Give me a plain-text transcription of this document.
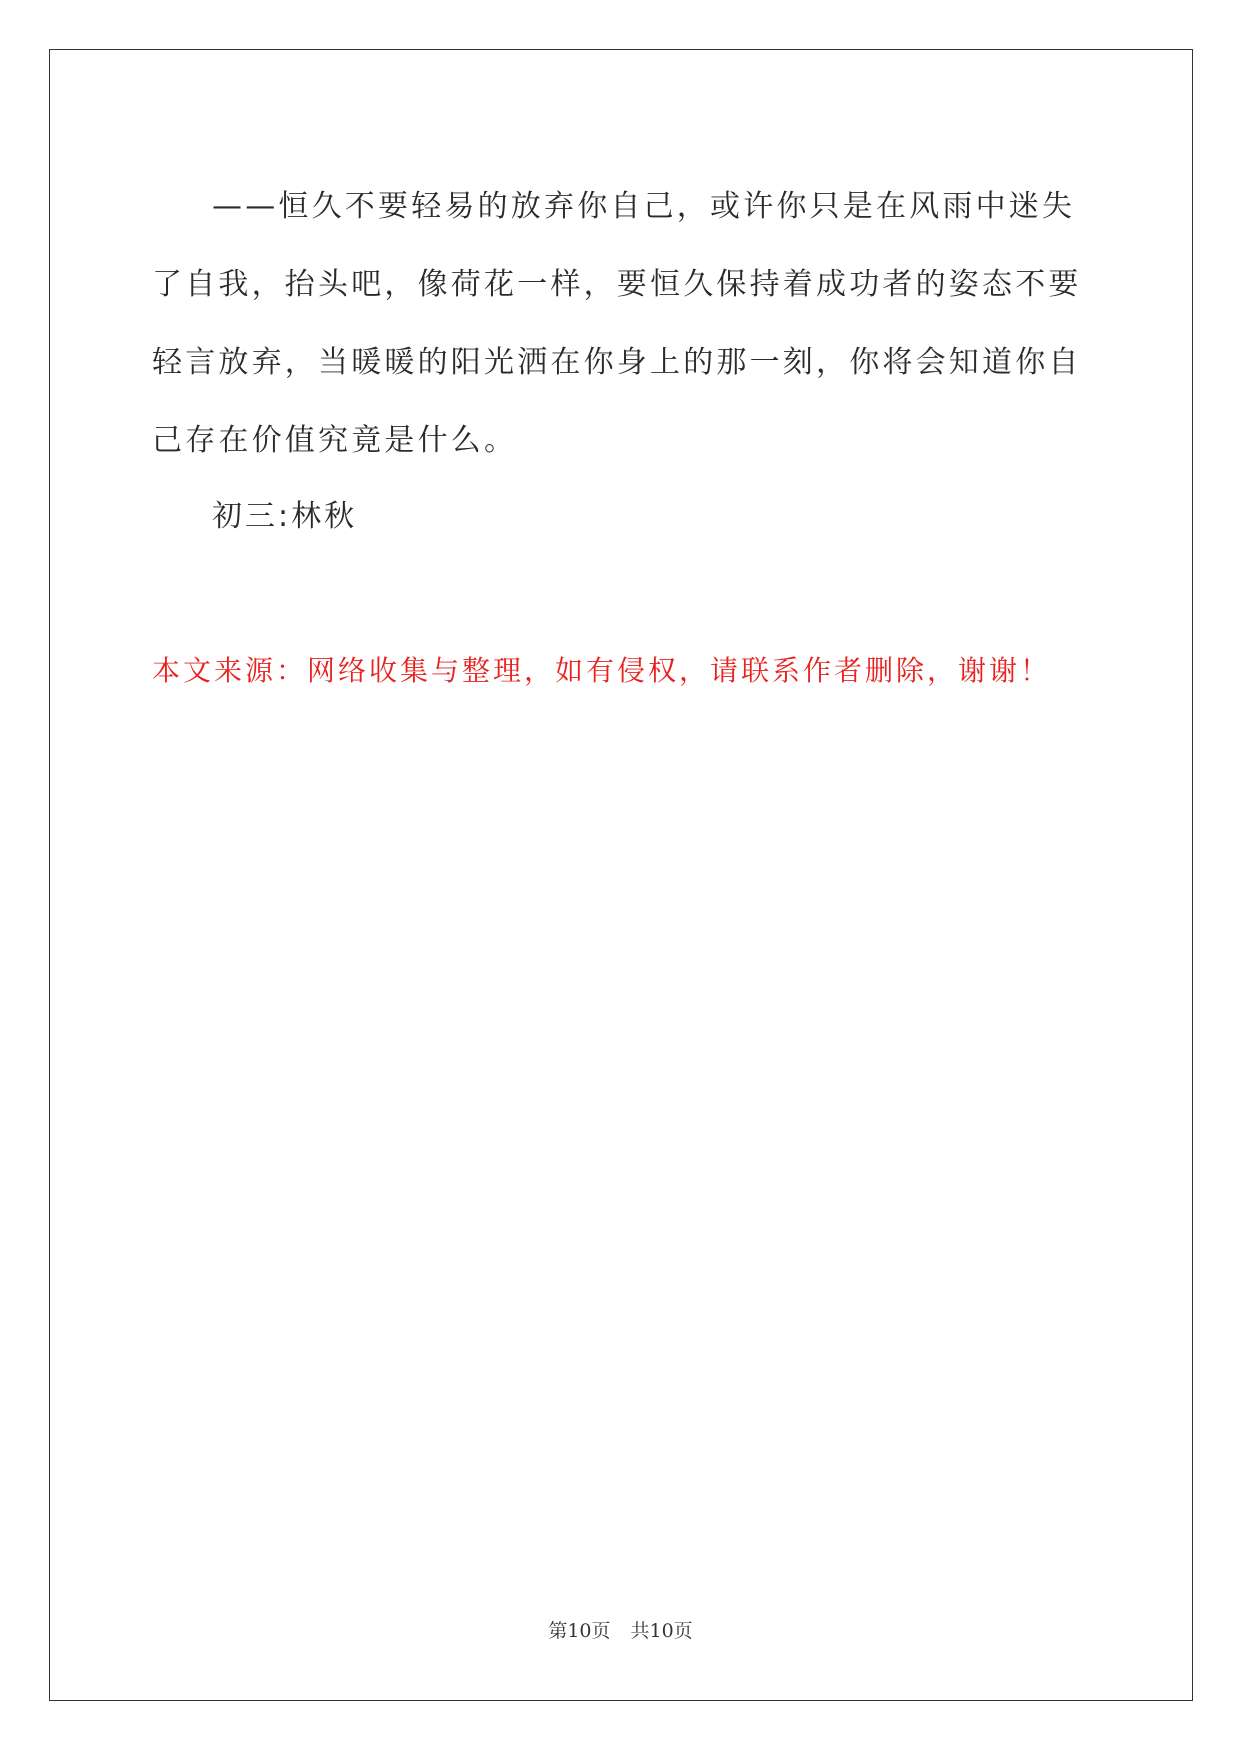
——恒久不要轻易的放弃你自己，或许你只是在风雨中迷失了自我，抬头吧，像荷花一样，要恒久保持着成功者的姿态不要轻言放弃，当暖暖的阳光洒在你身上的那一刻，你将会知道你自己存在价值究竟是什么。

初三:林秋
本文来源：网络收集与整理，如有侵权，请联系作者删除，谢谢！
第10页 共10页
